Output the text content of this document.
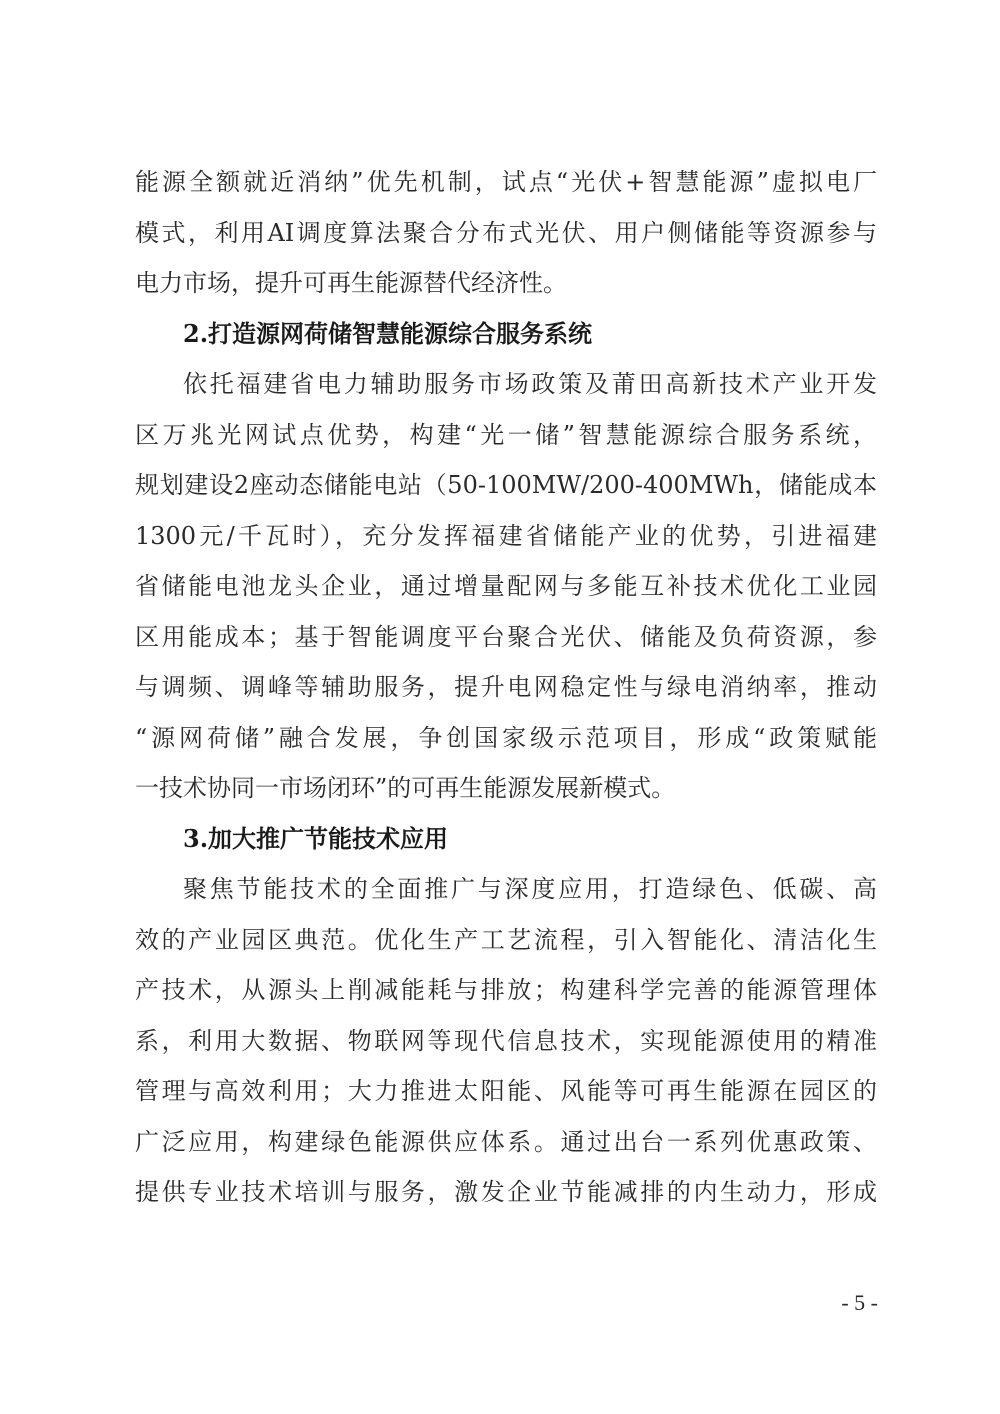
能源全额就近消纳”优先机制，试点“光伏+智慧能源”虚拟电厂
模式，利用AI调度算法聚合分布式光伏、用户侧储能等资源参与
电力市场，提升可再生能源替代经济性。
2.打造源网荷储智慧能源综合服务系统
依托福建省电力辅助服务市场政策及莆田高新技术产业开发
区万兆光网试点优势，构建“光一储”智慧能源综合服务系统，
规划建设2座动态储能电站（50-100MW/200-400MWh，储能成本
1300元/千瓦时），充分发挥福建省储能产业的优势，引进福建
省储能电池龙头企业，通过增量配网与多能互补技术优化工业园
区用能成本；基于智能调度平台聚合光伏、储能及负荷资源，参
与调频、调峰等辅助服务，提升电网稳定性与绿电消纳率，推动
“源网荷储”融合发展，争创国家级示范项目，形成“政策赋能
一技术协同一市场闭环”的可再生能源发展新模式。
3.加大推广节能技术应用
聚焦节能技术的全面推广与深度应用，打造绿色、低碳、高
效的产业园区典范。优化生产工艺流程，引入智能化、清洁化生
产技术，从源头上削减能耗与排放；构建科学完善的能源管理体
系，利用大数据、物联网等现代信息技术，实现能源使用的精准
管理与高效利用；大力推进太阳能、风能等可再生能源在园区的
广泛应用，构建绿色能源供应体系。通过出台一系列优惠政策、
提供专业技术培训与服务，激发企业节能减排的内生动力，形成
- 5 -
